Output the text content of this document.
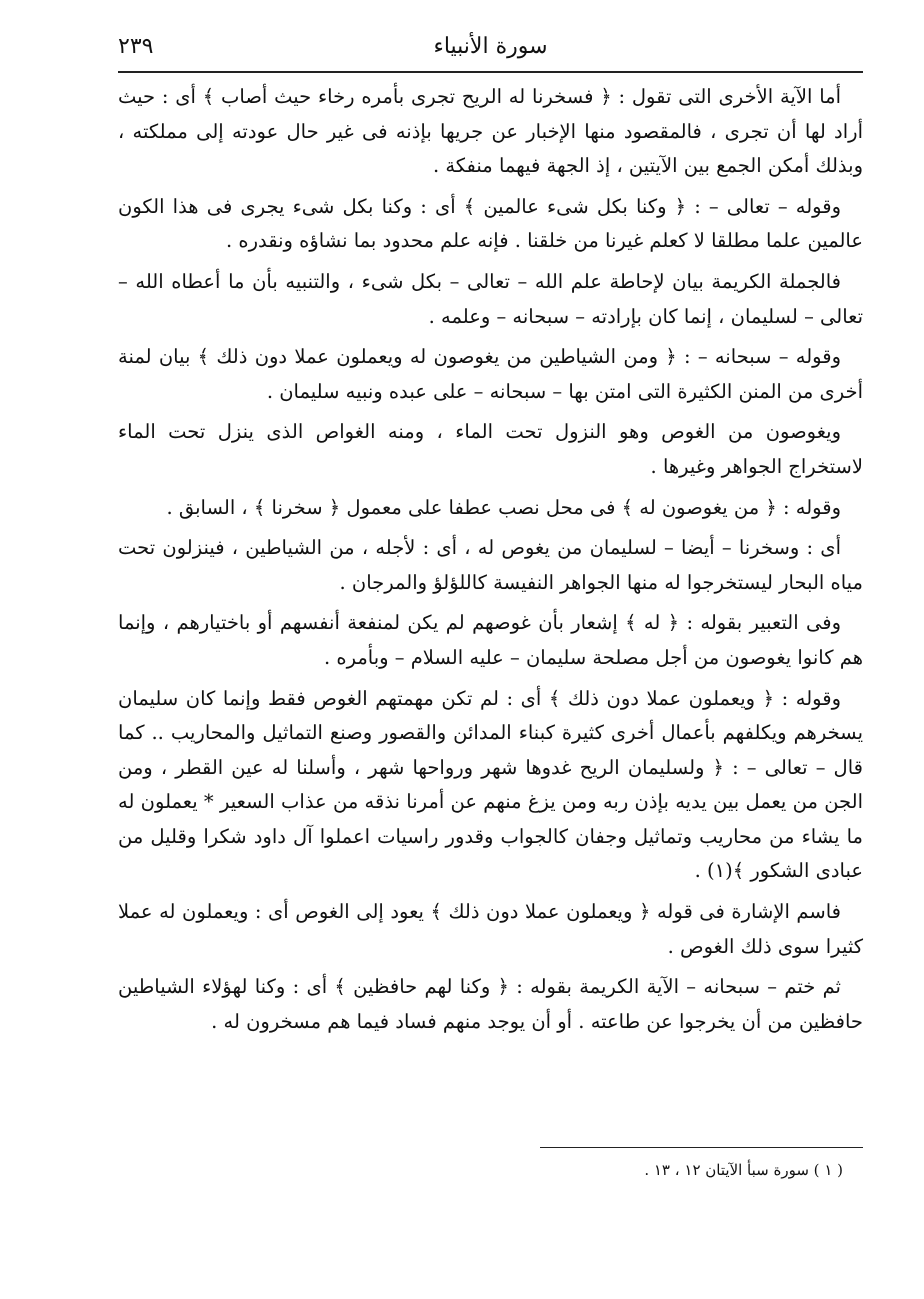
سورة الأنبياء
٢٣٩

أما الآية الأخرى التى تقول : ﴿ فسخرنا له الريح تجرى بأمره رخاء حيث أصاب ﴾ أى : حيث أراد لها أن تجرى ، فالمقصود منها الإخبار عن جريها بإذنه فى غير حال عودته إلى مملكته ، وبذلك أمكن الجمع بين الآيتين ، إذ الجهة فيهما منفكة .

وقوله – تعالى – : ﴿ وكنا بكل شىء عالمين ﴾ أى : وكنا بكل شىء يجرى فى هذا الكون عالمين علما مطلقا لا كعلم غيرنا من خلقنا . فإنه علم محدود بما نشاؤه ونقدره .

فالجملة الكريمة بيان لإحاطة علم الله – تعالى – بكل شىء ، والتنبيه بأن ما أعطاه الله – تعالى – لسليمان ، إنما كان بإرادته – سبحانه – وعلمه .

وقوله – سبحانه – : ﴿ ومن الشياطين من يغوصون له ويعملون عملا دون ذلك ﴾ بيان لمنة أخرى من المنن الكثيرة التى امتن بها – سبحانه – على عبده ونبيه سليمان .

ويغوصون من الغوص وهو النزول تحت الماء ، ومنه الغواص الذى ينزل تحت الماء لاستخراج الجواهر وغيرها .

وقوله : ﴿ من يغوصون له ﴾ فى محل نصب عطفا على معمول ﴿ سخرنا ﴾ ، السابق .

أى : وسخرنا – أيضا – لسليمان من يغوص له ، أى : لأجله ، من الشياطين ، فينزلون تحت مياه البحار ليستخرجوا له منها الجواهر النفيسة كاللؤلؤ والمرجان .

وفى التعبير بقوله : ﴿ له ﴾ إشعار بأن غوصهم لم يكن لمنفعة أنفسهم أو باختيارهم ، وإنما هم كانوا يغوصون من أجل مصلحة سليمان – عليه السلام – وبأمره .

وقوله : ﴿ ويعملون عملا دون ذلك ﴾ أى : لم تكن مهمتهم الغوص فقط وإنما كان سليمان يسخرهم ويكلفهم بأعمال أخرى كثيرة كبناء المدائن والقصور وصنع التماثيل والمحاريب .. كما قال – تعالى – : ﴿ ولسليمان الريح غدوها شهر ورواحها شهر ، وأسلنا له عين القطر ، ومن الجن من يعمل بين يديه بإذن ربه ومن يزغ منهم عن أمرنا نذقه من عذاب السعير * يعملون له ما يشاء من محاريب وتماثيل وجفان كالجواب وقدور راسيات اعملوا آل داود شكرا وقليل من عبادى الشكور ﴾(١) .

فاسم الإشارة فى قوله ﴿ ويعملون عملا دون ذلك ﴾ يعود إلى الغوص أى : ويعملون له عملا كثيرا سوى ذلك الغوص .

ثم ختم – سبحانه – الآية الكريمة بقوله : ﴿ وكنا لهم حافظين ﴾ أى : وكنا لهؤلاء الشياطين حافظين من أن يخرجوا عن طاعته . أو أن يوجد منهم فساد فيما هم مسخرون له .

( ١ ) سورة سبأ الآيتان ١٢ ، ١٣ .
